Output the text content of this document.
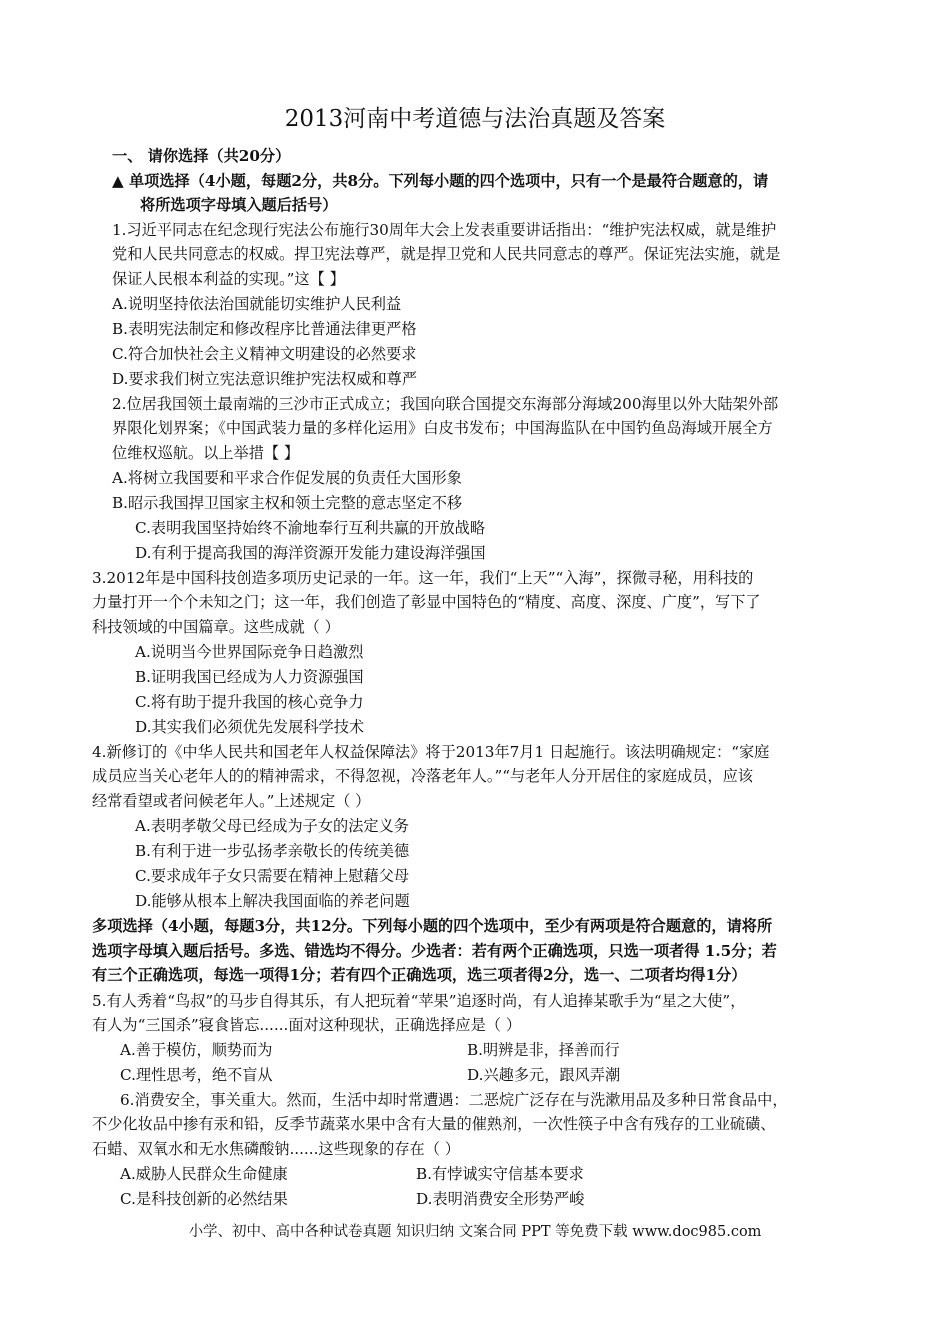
2013河南中考道德与法治真题及答案
一、 请你选择（共20分）
▲ 单项选择（4小题，每题2分，共8分。下列每小题的四个选项中，只有一个是最符合题意的，请
将所选项字母填入题后括号）
1.习近平同志在纪念现行宪法公布施行30周年大会上发表重要讲话指出：“维护宪法权威，就是维护
党和人民共同意志的权威。捍卫宪法尊严，就是捍卫党和人民共同意志的尊严。保证宪法实施，就是
保证人民根本利益的实现。”这【 】
A.说明坚持依法治国就能切实维护人民利益
B.表明宪法制定和修改程序比普通法律更严格
C.符合加快社会主义精神文明建设的必然要求
D.要求我们树立宪法意识维护宪法权威和尊严
2.位居我国领土最南端的三沙市正式成立；我国向联合国提交东海部分海域200海里以外大陆架外部
界限化划界案；《中国武装力量的多样化运用》白皮书发布；中国海监队在中国钓鱼岛海域开展全方
位维权巡航。以上举措【 】
A.将树立我国要和平求合作促发展的负责任大国形象
B.昭示我国捍卫国家主权和领土完整的意志坚定不移
C.表明我国坚持始终不渝地奉行互利共赢的开放战略
D.有利于提高我国的海洋资源开发能力建设海洋强国
3.2012年是中国科技创造多项历史记录的一年。这一年，我们“上天”“入海”，探微寻秘，用科技的
力量打开一个个未知之门；这一年，我们创造了彰显中国特色的“精度、高度、深度、广度”，写下了
科技领域的中国篇章。这些成就（ ）
A.说明当今世界国际竞争日趋激烈
B.证明我国已经成为人力资源强国
C.将有助于提升我国的核心竞争力
D.其实我们必须优先发展科学技术
4.新修订的《中华人民共和国老年人权益保障法》将于2013年7月1 日起施行。该法明确规定：“家庭
成员应当关心老年人的的精神需求，不得忽视，冷落老年人。”“与老年人分开居住的家庭成员，应该
经常看望或者问候老年人。”上述规定（ ）
A.表明孝敬父母已经成为子女的法定义务
B.有利于进一步弘扬孝亲敬长的传统美德
C.要求成年子女只需要在精神上慰藉父母
D.能够从根本上解决我国面临的养老问题
多项选择（4小题，每题3分，共12分。下列每小题的四个选项中，至少有两项是符合题意的，请将所
选项字母填入题后括号。多选、错选均不得分。少选者：若有两个正确选项，只选一项者得 1.5分；若
有三个正确选项，每选一项得1分；若有四个正确选项，选三项者得2分，选一、二项者均得1分）
5.有人秀着“鸟叔”的马步自得其乐，有人把玩着“苹果”追逐时尚，有人追捧某歌手为“星之大使”，
有人为“三国杀”寝食皆忘......面对这种现状，正确选择应是（ ）
A.善于模仿，顺势而为	B.明辨是非，择善而行
C.理性思考，绝不盲从	D.兴趣多元，跟风弄潮
6.消费安全，事关重大。然而，生活中却时常遭遇：二恶烷广泛存在与洗漱用品及多种日常食品中，
不少化妆品中掺有汞和铅，反季节蔬菜水果中含有大量的催熟剂，一次性筷子中含有残存的工业硫磺、
石蜡、双氧水和无水焦磷酸钠......这些现象的存在（ ）
A.威胁人民群众生命健康	B.有悖诚实守信基本要求
C.是科技创新的必然结果	D.表明消费安全形势严峻
小学、初中、高中各种试卷真题 知识归纳 文案合同 PPT 等免费下载 www.doc985.com
